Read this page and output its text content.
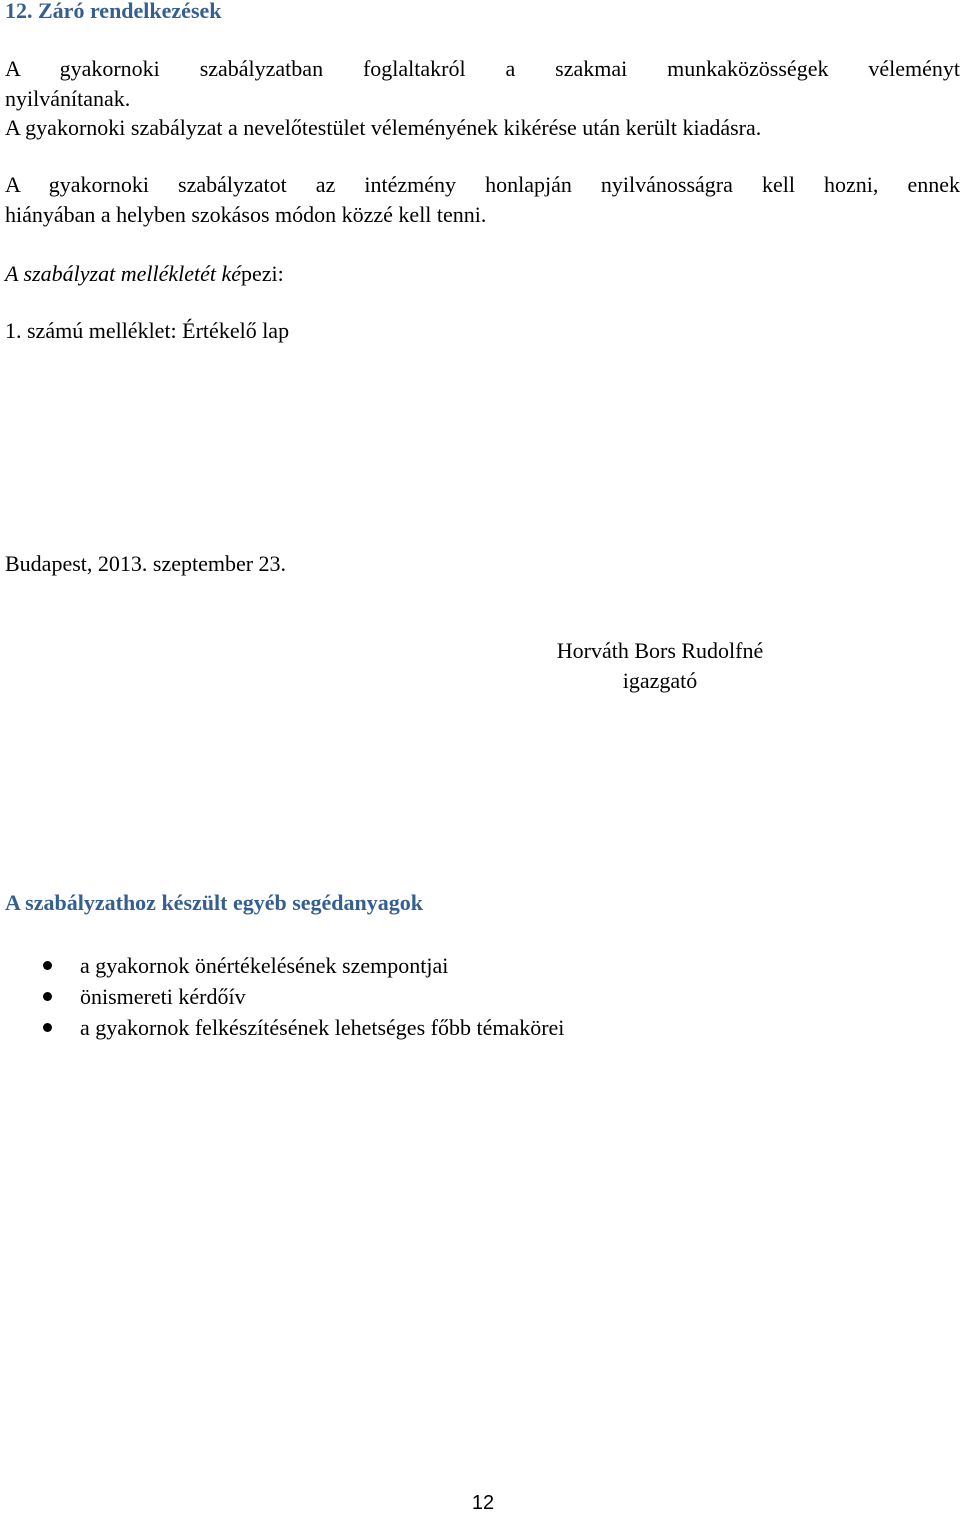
12. Záró rendelkezések

A gyakornoki szabályzatban foglaltakról a szakmai munkaközösségek véleményt
nyilvánítanak.

A gyakornoki szabályzat a nevelőtestület véleményének kikérése után került kiadásra.

A gyakornoki szabályzatot az intézmény honlapján nyilvánosságra kell hozni, ennek
hiányában a helyben szokásos módon közzé kell tenni.

A szabályzat mellékletét képezi:

1. számú melléklet: Értékelő lap

Budapest, 2013. szeptember 23.

Horváth Bors Rudolfné
igazgató
A szabályzathoz készült egyéb segédanyagok
a gyakornok önértékelésének szempontjai
önismereti kérdőív
a gyakornok felkészítésének lehetséges főbb témakörei
12
